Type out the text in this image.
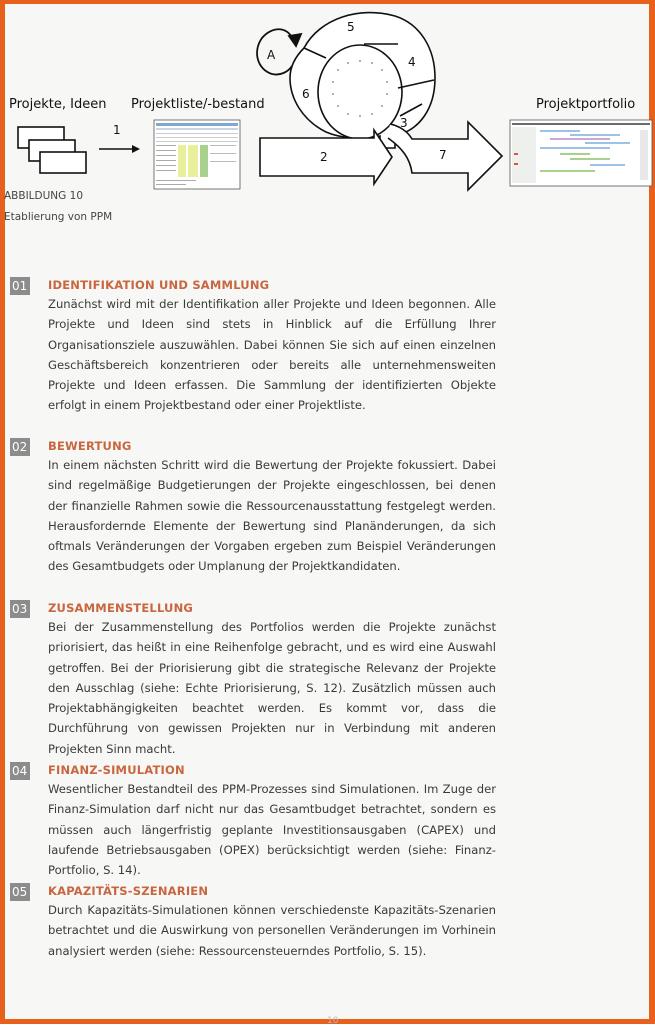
Projekte, Ideen Projektliste/-bestand	Projektportfolio
1
2
3
4
5
6
7
A
ABBILDUNG 10
Etablierung von PPM
01 IDENTIFIKATION UND SAMMLUNG
Zunächst wird mit der Identifikation aller Projekte und Ideen begonnen. Alle Projekte und Ideen sind stets in Hinblick auf die Erfüllung Ihrer Organisationsziele auszuwählen. Dabei können Sie sich auf einen einzelnen Geschäftsbereich konzentrieren oder bereits alle unternehmensweiten Projekte und Ideen erfassen. Die Sammlung der identifizierten Objekte erfolgt in einem Projektbestand oder einer Projektliste.
02 BEWERTUNG
In einem nächsten Schritt wird die Bewertung der Projekte fokussiert. Dabei sind regelmäßige Budgetierungen der Projekte eingeschlossen, bei denen der finanzielle Rahmen sowie die Ressourcenausstattung festgelegt werden. Herausfordernde Elemente der Bewertung sind Planänderungen, da sich oftmals Veränderungen der Vorgaben ergeben zum Beispiel Veränderungen des Gesamtbudgets oder Umplanung der Projektkandidaten.
03 ZUSAMMENSTELLUNG
Bei der Zusammenstellung des Portfolios werden die Projekte zunächst priorisiert, das heißt in eine Reihenfolge gebracht, und es wird eine Auswahl getroffen. Bei der Priorisierung gibt die strategische Relevanz der Projekte den Ausschlag (siehe: Echte Priorisierung, S. 12). Zusätzlich müssen auch Projektabhängigkeiten beachtet werden. Es kommt vor, dass die Durchführung von gewissen Projekten nur in Verbindung mit anderen Projekten Sinn macht.
04 FINANZ-SIMULATION
Wesentlicher Bestandteil des PPM-Prozesses sind Simulationen. Im Zuge der Finanz-Simulation darf nicht nur das Gesamtbudget betrachtet, sondern es müssen auch längerfristig geplante Investitionsausgaben (CAPEX) und laufende Betriebsausgaben (OPEX) berücksichtigt werden (siehe: Finanz-Portfolio, S. 14).
05 KAPAZITÄTS-SZENARIEN
Durch Kapazitäts-Simulationen können verschiedenste Kapazitäts-Szenarien betrachtet und die Auswirkung von personellen Veränderungen im Vorhinein analysiert werden (siehe: Ressourcensteuerndes Portfolio, S. 15).
10
